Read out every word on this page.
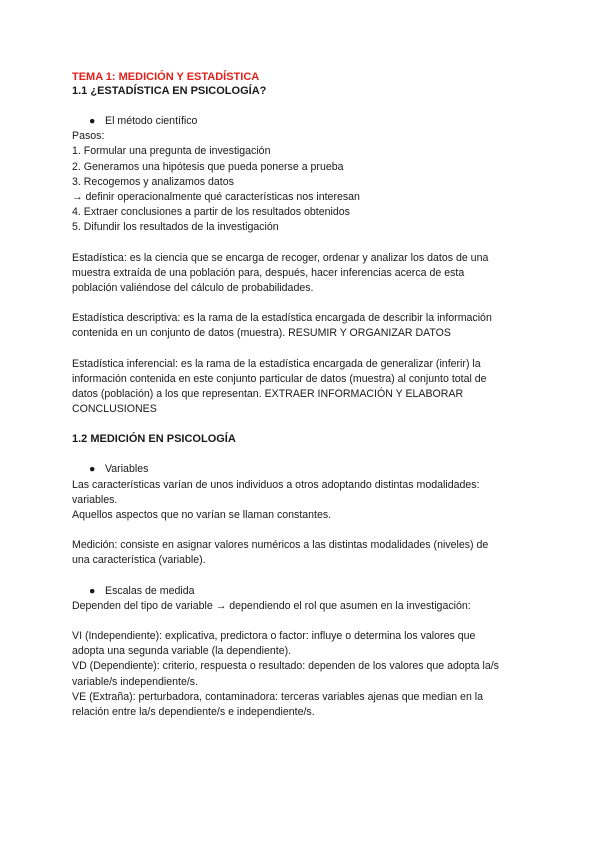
TEMA 1: MEDICIÓN Y ESTADÍSTICA

1.1 ¿ESTADÍSTICA EN PSICOLOGÍA?

● El método científico

Pasos:

1. Formular una pregunta de investigación

2. Generamos una hipótesis que pueda ponerse a prueba

3. Recogemos y analizamos datos

→ definir operacionalmente qué características nos interesan

4. Extraer conclusiones a partir de los resultados obtenidos

5. Difundir los resultados de la investigación

Estadística: es la ciencia que se encarga de recoger, ordenar y analizar los datos de una

muestra extraída de una población para, después, hacer inferencias acerca de esta

población valiéndose del cálculo de probabilidades.

Estadística descriptiva: es la rama de la estadística encargada de describir la información

contenida en un conjunto de datos (muestra). RESUMIR Y ORGANIZAR DATOS

Estadística inferencial: es la rama de la estadística encargada de generalizar (inferir) la

información contenida en este conjunto particular de datos (muestra) al conjunto total de

datos (población) a los que representan. EXTRAER INFORMACIÓN Y ELABORAR

CONCLUSIONES

1.2 MEDICIÓN EN PSICOLOGÍA

● Variables

Las características varían de unos individuos a otros adoptando distintas modalidades:

variables.

Aquellos aspectos que no varían se llaman constantes.

Medición: consiste en asignar valores numéricos a las distintas modalidades (niveles) de

una característica (variable).

● Escalas de medida

Dependen del tipo de variable → dependiendo el rol que asumen en la investigación:

VI (Independiente): explicativa, predictora o factor: influye o determina los valores que

adopta una segunda variable (la dependiente).

VD (Dependiente): criterio, respuesta o resultado: dependen de los valores que adopta la/s

variable/s independiente/s.

VE (Extraña): perturbadora, contaminadora: terceras variables ajenas que median en la

relación entre la/s dependiente/s e independiente/s.
